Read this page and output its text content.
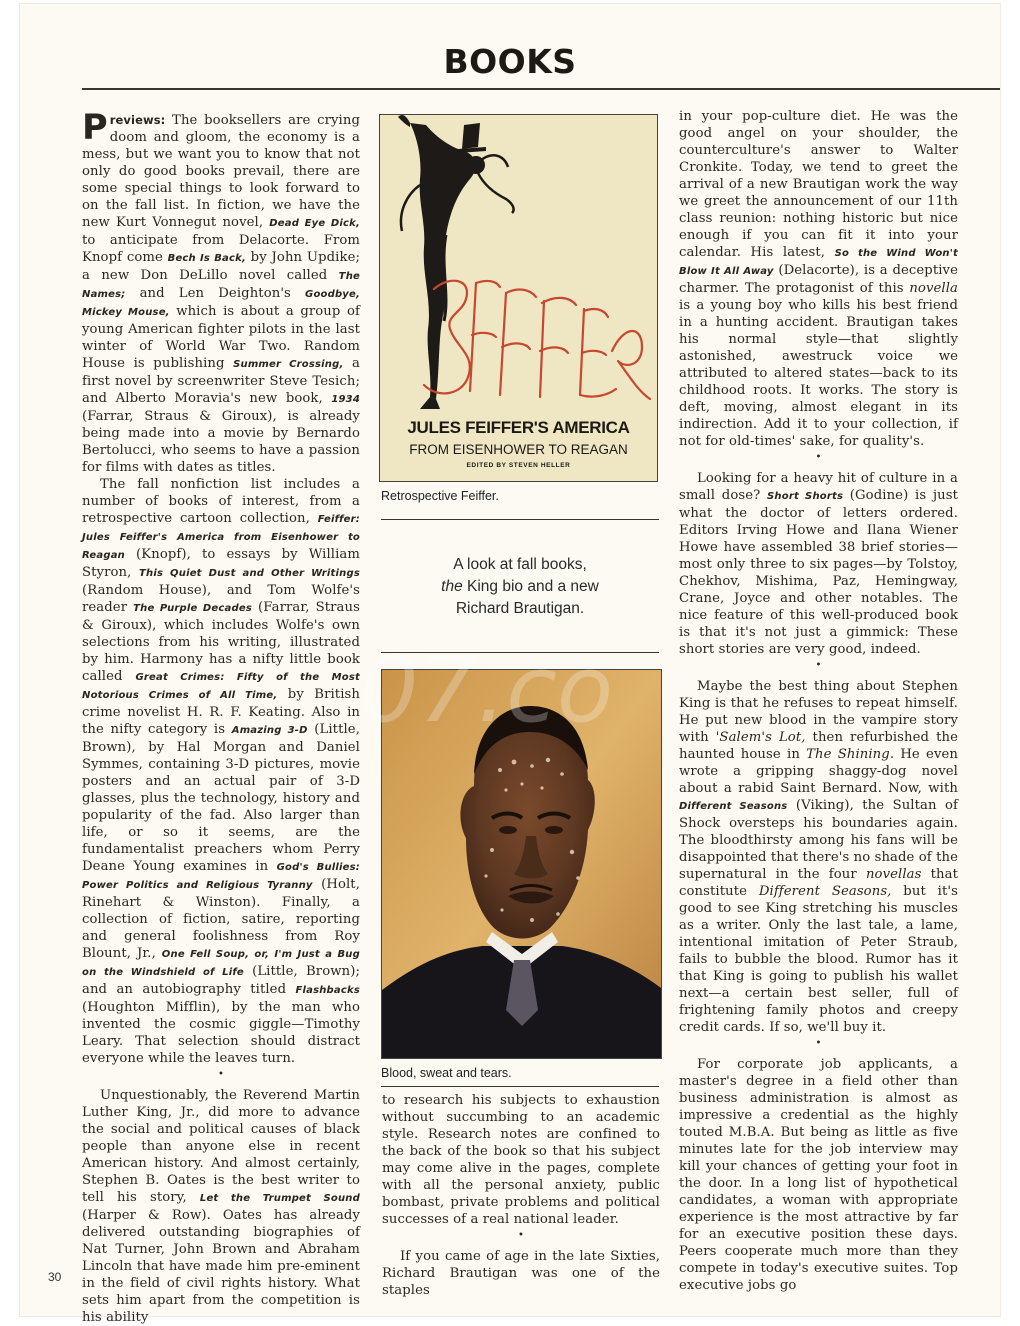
BOOKS

Previews: The booksellers are crying doom and gloom, the economy is a mess, but we want you to know that not only do good books prevail, there are some special things to look forward to on the fall list. In fiction, we have the new Kurt Vonnegut novel, Dead Eye Dick, to anticipate from Delacorte. From Knopf come Bech Is Back, by John Updike; a new Don DeLillo novel called The Names; and Len Deighton's Goodbye, Mickey Mouse, which is about a group of young American fighter pilots in the last winter of World War Two. Random House is publishing Summer Crossing, a first novel by screenwriter Steve Tesich; and Alberto Moravia's new book, 1934 (Farrar, Straus & Giroux), is already being made into a movie by Bernardo Bertolucci, who seems to have a passion for films with dates as titles.

The fall nonfiction list includes a number of books of interest, from a retrospective cartoon collection, Feiffer: Jules Feiffer's America from Eisenhower to Reagan (Knopf), to essays by William Styron, This Quiet Dust and Other Writings (Random House), and Tom Wolfe's reader The Purple Decades (Farrar, Straus & Giroux), which includes Wolfe's own selections from his writing, illustrated by him. Harmony has a nifty little book called Great Crimes: Fifty of the Most Notorious Crimes of All Time, by British crime novelist H. R. F. Keating. Also in the nifty category is Amazing 3-D (Little, Brown), by Hal Morgan and Daniel Symmes, containing 3-D pictures, movie posters and an actual pair of 3-D glasses, plus the technology, history and popularity of the fad. Also larger than life, or so it seems, are the fundamentalist preachers whom Perry Deane Young examines in God's Bullies: Power Politics and Religious Tyranny (Holt, Rinehart & Winston). Finally, a collection of fiction, satire, reporting and general foolishness from Roy Blount, Jr., One Fell Soup, or, I'm Just a Bug on the Windshield of Life (Little, Brown); and an autobiography titled Flashbacks (Houghton Mifflin), by the man who invented the cosmic giggle—Timothy Leary. That selection should distract everyone while the leaves turn.

•

Unquestionably, the Reverend Martin Luther King, Jr., did more to advance the social and political causes of black people than anyone else in recent American history. And almost certainly, Stephen B. Oates is the best writer to tell his story, Let the Trumpet Sound (Harper & Row). Oates has already delivered outstanding biographies of Nat Turner, John Brown and Abraham Lincoln that have made him pre-eminent in the field of civil rights history. What sets him apart from the competition is his ability

JULES FEIFFER'S AMERICA
FROM EISENHOWER TO REAGAN
EDITED BY STEVEN HELLER
Retrospective Feiffer.

A look at fall books,
the King bio and a new
Richard Brautigan.

Blood, sweat and tears.

to research his subjects to exhaustion without succumbing to an academic style. Research notes are confined to the back of the book so that his subject may come alive in the pages, complete with all the personal anxiety, public bombast, private problems and political successes of a real national leader.

•

If you came of age in the late Sixties, Richard Brautigan was one of the staples

in your pop-culture diet. He was the good angel on your shoulder, the counterculture's answer to Walter Cronkite. Today, we tend to greet the arrival of a new Brautigan work the way we greet the announcement of our 11th class reunion: nothing historic but nice enough if you can fit it into your calendar. His latest, So the Wind Won't Blow It All Away (Delacorte), is a deceptive charmer. The protagonist of this novella is a young boy who kills his best friend in a hunting accident. Brautigan takes his normal style—that slightly astonished, awestruck voice we attributed to altered states—back to its childhood roots. It works. The story is deft, moving, almost elegant in its indirection. Add it to your collection, if not for old-times' sake, for quality's.

•

Looking for a heavy hit of culture in a small dose? Short Shorts (Godine) is just what the doctor of letters ordered. Editors Irving Howe and Ilana Wiener Howe have assembled 38 brief stories—most only three to six pages—by Tolstoy, Chekhov, Mishima, Paz, Hemingway, Crane, Joyce and other notables. The nice feature of this well-produced book is that it's not just a gimmick: These short stories are very good, indeed.

•

Maybe the best thing about Stephen King is that he refuses to repeat himself. He put new blood in the vampire story with 'Salem's Lot, then refurbished the haunted house in The Shining. He even wrote a gripping shaggy-dog novel about a rabid Saint Bernard. Now, with Different Seasons (Viking), the Sultan of Shock oversteps his boundaries again. The bloodthirsty among his fans will be disappointed that there's no shade of the supernatural in the four novellas that constitute Different Seasons, but it's good to see King stretching his muscles as a writer. Only the last tale, a lame, intentional imitation of Peter Straub, fails to bubble the blood. Rumor has it that King is going to publish his wallet next—a certain best seller, full of frightening family photos and creepy credit cards. If so, we'll buy it.

•

For corporate job applicants, a master's degree in a field other than business administration is almost as impressive a credential as the highly touted M.B.A. But being as little as five minutes late for the job interview may kill your chances of getting your foot in the door. In a long list of hypothetical candidates, a woman with appropriate experience is the most attractive by far for an executive position these days. Peers cooperate much more than they compete in today's executive suites. Top executive jobs go

07.co
30
